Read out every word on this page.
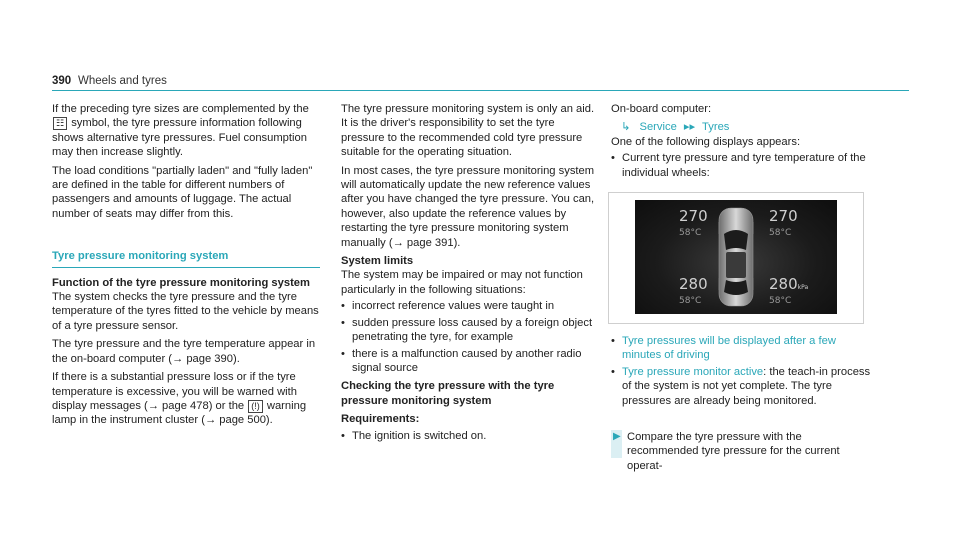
390 Wheels and tyres

If the preceding tyre sizes are complemented by the ☷ symbol, the tyre pressure information following shows alternative tyre pressures. Fuel consumption may then increase slightly.

The load conditions "partially laden" and "fully laden" are defined in the table for different numbers of passengers and amounts of luggage. The actual number of seats may differ from this.

Tyre pressure monitoring system
Function of the tyre pressure monitoring system

The system checks the tyre pressure and the tyre temperature of the tyres fitted to the vehicle by means of a tyre pressure sensor.

The tyre pressure and the tyre temperature appear in the on-board computer (→ page 390).

If there is a substantial pressure loss or if the tyre temperature is excessive, you will be warned with display messages (→ page 478) or the (!) warning lamp in the instrument cluster (→ page 500).

The tyre pressure monitoring system is only an aid. It is the driver's responsibility to set the tyre pressure to the recommended cold tyre pressure suitable for the operating situation.

In most cases, the tyre pressure monitoring system will automatically update the new reference values after you have changed the tyre pressure. You can, however, also update the reference values by restarting the tyre pressure monitoring system manually (→ page 391).

System limits

The system may be impaired or may not function particularly in the following situations:

• incorrect reference values were taught in
• sudden pressure loss caused by a foreign object penetrating the tyre, for example
• there is a malfunction caused by another radio signal source
Checking the tyre pressure with the tyre pressure monitoring system
Requirements:
• The ignition is switched on.

On-board computer:

↳ Service ▸▸ Tyres

One of the following displays appears:

• Current tyre pressure and tyre temperature of the individual wheels:
270
58°C
270
58°C
280
58°C
280kPa
58°C
• Tyre pressures will be displayed after a few minutes of driving
• Tyre pressure monitor active: the teach-in process of the system is not yet complete. The tyre pressures are already being monitored.
▶ Compare the tyre pressure with the recommended tyre pressure for the current operat-
